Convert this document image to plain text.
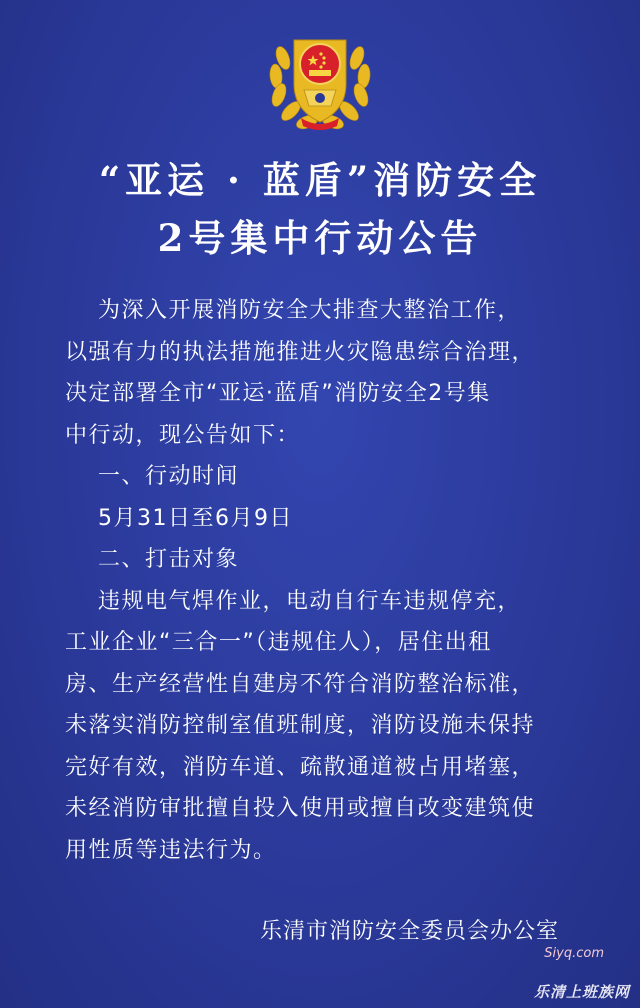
“亚运 · 蓝盾”消防安全
2号集中行动公告
为深入开展消防安全大排查大整治工作，
以强有力的执法措施推进火灾隐患综合治理，
决定部署全市“亚运·蓝盾”消防安全2号集
中行动，现公告如下：
一、行动时间
5月31日至6月9日
二、打击对象
违规电气焊作业，电动自行车违规停充，
工业企业“三合一”（违规住人），居住出租
房、生产经营性自建房不符合消防整治标准，
未落实消防控制室值班制度，消防设施未保持
完好有效，消防车道、疏散通道被占用堵塞，
未经消防审批擅自投入使用或擅自改变建筑使
用性质等违法行为。
乐清市消防安全委员会办公室
Siyq.com
乐清上班族网
